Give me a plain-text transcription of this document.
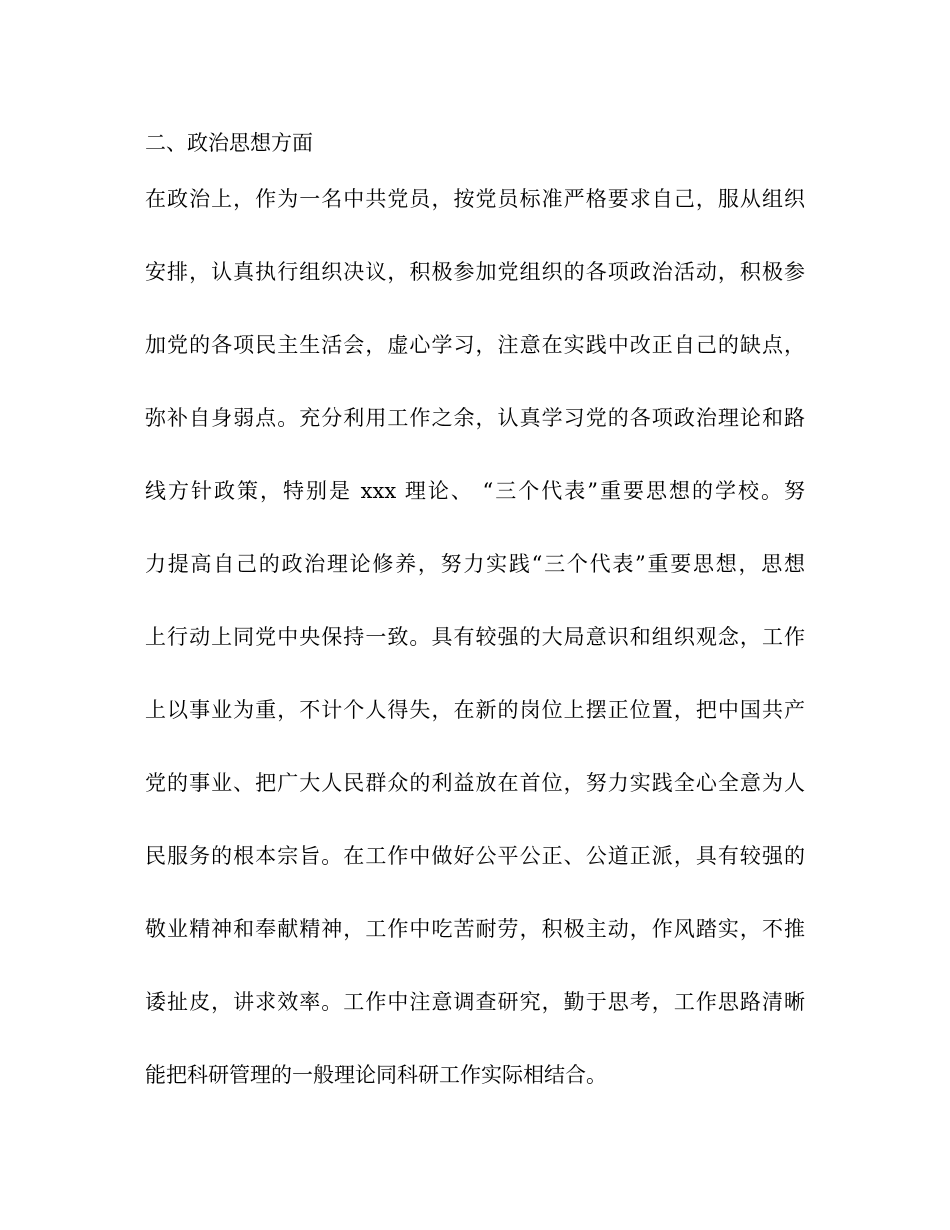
二、政治思想方面
在政治上，作为一名中共党员，按党员标准严格要求自己，服从组织
安排，认真执行组织决议，积极参加党组织的各项政治活动，积极参
加党的各项民主生活会，虚心学习，注意在实践中改正自己的缺点，
弥补自身弱点。充分利用工作之余，认真学习党的各项政治理论和路
线方针政策，特别是 xxx 理论、 “三个代表”重要思想的学校。努
力提高自己的政治理论修养，努力实践“三个代表”重要思想，思想
上行动上同党中央保持一致。具有较强的大局意识和组织观念，工作
上以事业为重，不计个人得失，在新的岗位上摆正位置，把中国共产
党的事业、把广大人民群众的利益放在首位，努力实践全心全意为人
民服务的根本宗旨。在工作中做好公平公正、公道正派，具有较强的
敬业精神和奉献精神，工作中吃苦耐劳，积极主动，作风踏实，不推
诿扯皮，讲求效率。工作中注意调查研究，勤于思考，工作思路清晰
能把科研管理的一般理论同科研工作实际相结合。
